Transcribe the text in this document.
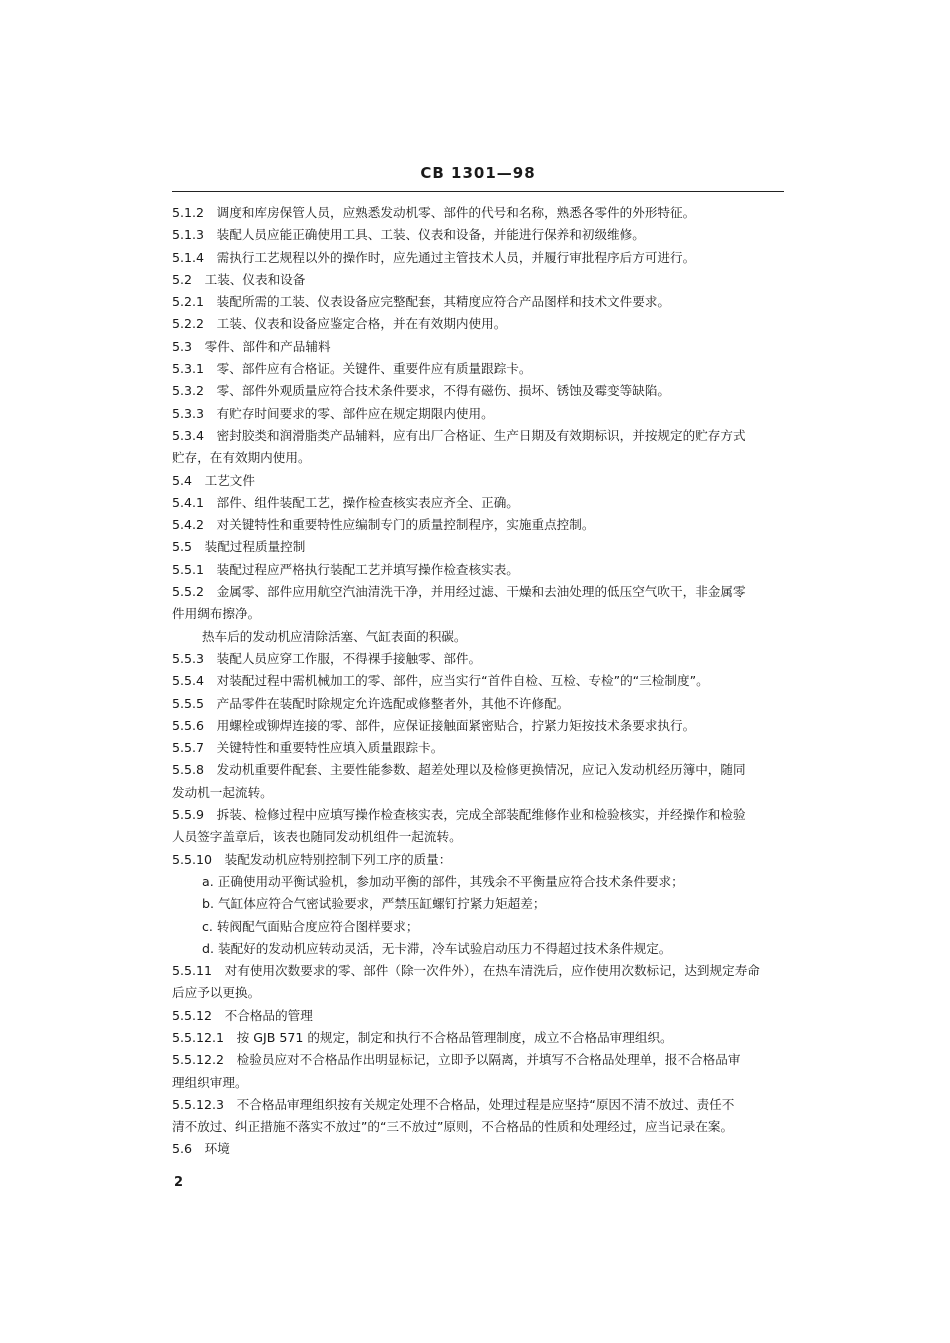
CB 1301—98
5.1.2　调度和库房保管人员，应熟悉发动机零、部件的代号和名称，熟悉各零件的外形特征。
5.1.3　装配人员应能正确使用工具、工装、仪表和设备，并能进行保养和初级维修。
5.1.4　需执行工艺规程以外的操作时，应先通过主管技术人员，并履行审批程序后方可进行。
5.2　工装、仪表和设备
5.2.1　装配所需的工装、仪表设备应完整配套，其精度应符合产品图样和技术文件要求。
5.2.2　工装、仪表和设备应鉴定合格，并在有效期内使用。
5.3　零件、部件和产品辅料
5.3.1　零、部件应有合格证。关键件、重要件应有质量跟踪卡。
5.3.2　零、部件外观质量应符合技术条件要求，不得有磁伤、损坏、锈蚀及霉变等缺陷。
5.3.3　有贮存时间要求的零、部件应在规定期限内使用。
5.3.4　密封胶类和润滑脂类产品辅料，应有出厂合格证、生产日期及有效期标识，并按规定的贮存方式
贮存，在有效期内使用。
5.4　工艺文件
5.4.1　部件、组件装配工艺，操作检查核实表应齐全、正确。
5.4.2　对关键特性和重要特性应编制专门的质量控制程序，实施重点控制。
5.5　装配过程质量控制
5.5.1　装配过程应严格执行装配工艺并填写操作检查核实表。
5.5.2　金属零、部件应用航空汽油清洗干净，并用经过滤、干燥和去油处理的低压空气吹干，非金属零
件用绸布擦净。
热车后的发动机应清除活塞、气缸表面的积碳。
5.5.3　装配人员应穿工作服，不得裸手接触零、部件。
5.5.4　对装配过程中需机械加工的零、部件，应当实行“首件自检、互检、专检”的“三检制度”。
5.5.5　产品零件在装配时除规定允许选配或修整者外，其他不许修配。
5.5.6　用螺栓或铆焊连接的零、部件，应保证接触面紧密贴合，拧紧力矩按技术条要求执行。
5.5.7　关键特性和重要特性应填入质量跟踪卡。
5.5.8　发动机重要件配套、主要性能参数、超差处理以及检修更换情况，应记入发动机经历簿中，随同
发动机一起流转。
5.5.9　拆装、检修过程中应填写操作检查核实表，完成全部装配维修作业和检验核实，并经操作和检验
人员签字盖章后，该表也随同发动机组件一起流转。
5.5.10　装配发动机应特别控制下列工序的质量：
a. 正确使用动平衡试验机，参加动平衡的部件，其残余不平衡量应符合技术条件要求；
b. 气缸体应符合气密试验要求，严禁压缸螺钉拧紧力矩超差；
c. 转阀配气面贴合度应符合图样要求；
d. 装配好的发动机应转动灵活，无卡滞，冷车试验启动压力不得超过技术条件规定。
5.5.11　对有使用次数要求的零、部件（除一次件外），在热车清洗后，应作使用次数标记，达到规定寿命
后应予以更换。
5.5.12　不合格品的管理
5.5.12.1　按 GJB 571 的规定，制定和执行不合格品管理制度，成立不合格品审理组织。
5.5.12.2　检验员应对不合格品作出明显标记，立即予以隔离，并填写不合格品处理单，报不合格品审
理组织审理。
5.5.12.3　不合格品审理组织按有关规定处理不合格品，处理过程是应坚持“原因不清不放过、责任不
清不放过、纠正措施不落实不放过”的“三不放过”原则，不合格品的性质和处理经过，应当记录在案。
5.6　环境
2
